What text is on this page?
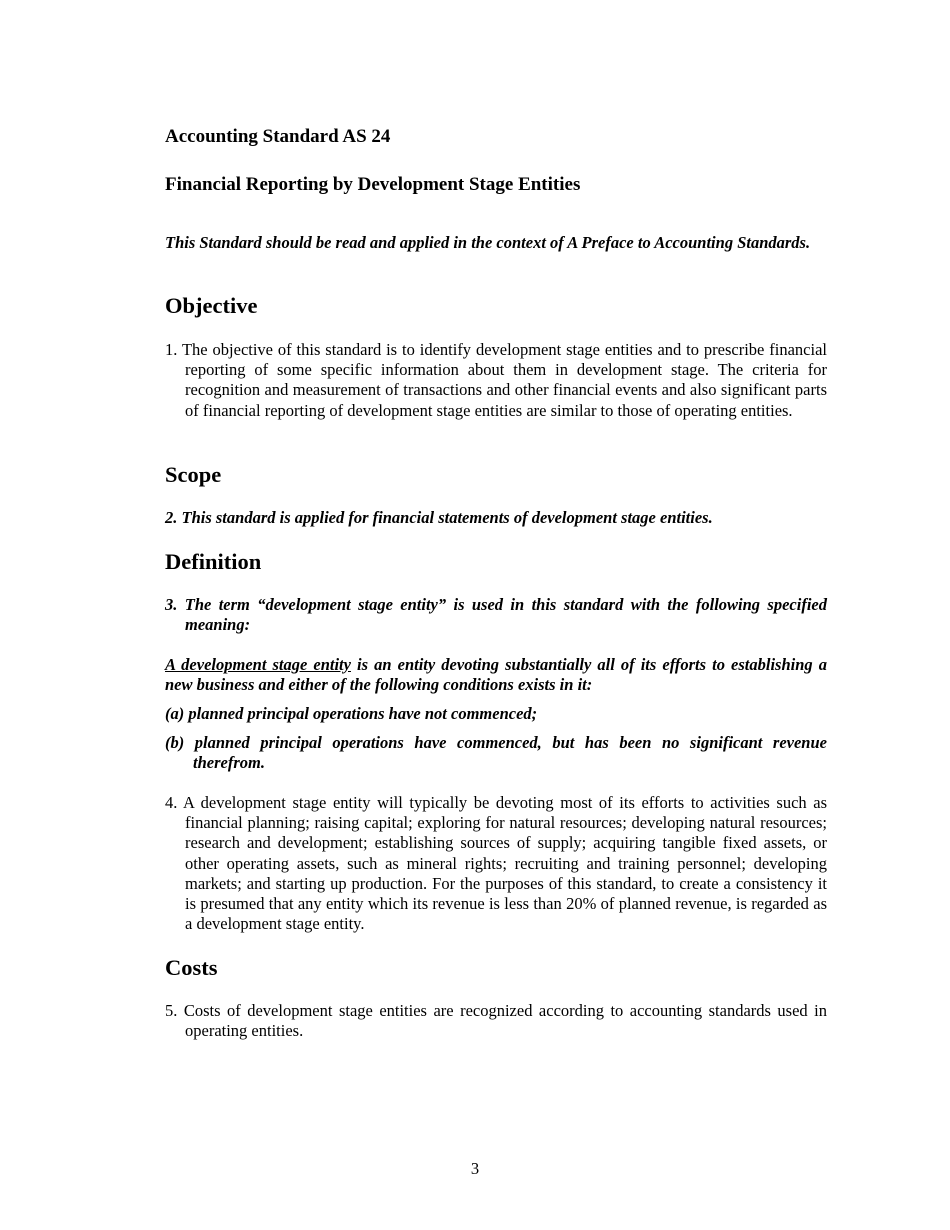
Accounting Standard AS 24
Financial Reporting by Development Stage Entities
This Standard should be read and applied in the context of A Preface to Accounting Standards.
Objective
1. The objective of this standard is to identify development stage entities and to prescribe financial reporting of some specific information about them in development stage. The criteria for recognition and measurement of transactions and other financial events and also significant parts of financial reporting of development stage entities are similar to those of operating entities.
Scope
2. This standard is applied for financial statements of development stage entities.
Definition
3. The term “development stage entity” is used in this standard with the following specified meaning:
A development stage entity is an entity devoting substantially all of its efforts to establishing a new business and either of the following conditions exists in it:
(a) planned principal operations have not commenced;
(b) planned principal operations have commenced, but has been no significant revenue therefrom.
4. A development stage entity will typically be devoting most of its efforts to activities such as financial planning; raising capital; exploring for natural resources; developing natural resources; research and development; establishing sources of supply; acquiring tangible fixed assets, or other operating assets, such as mineral rights; recruiting and training personnel; developing markets; and starting up production. For the purposes of this standard, to create a consistency it is presumed that any entity which its revenue is less than 20% of planned revenue, is regarded as a development stage entity.
Costs
5. Costs of development stage entities are recognized according to accounting standards used in operating entities.
3
